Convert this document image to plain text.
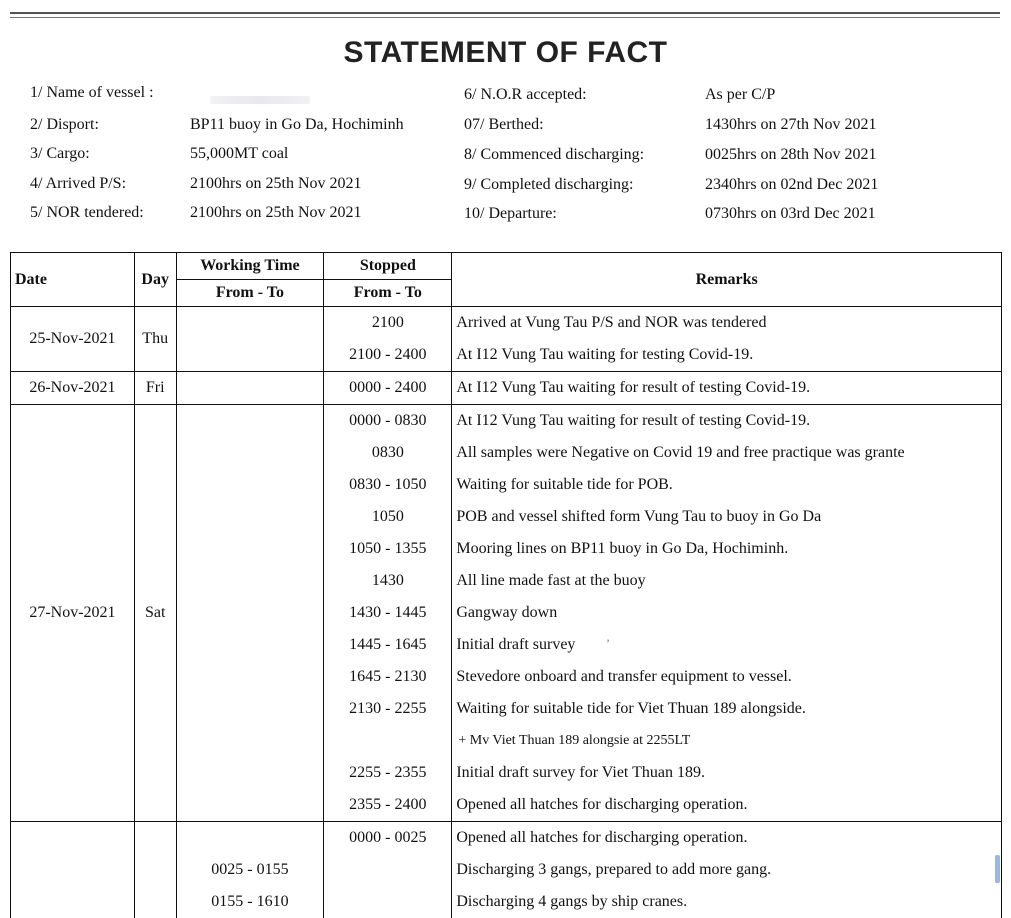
STATEMENT OF FACT
1/ Name of vessel :
2/ Disport:	BP11 buoy in Go Da, Hochiminh
3/ Cargo:	55,000MT coal
4/ Arrived P/S:	2100hrs on 25th Nov 2021
5/ NOR tendered:	2100hrs on 25th Nov 2021
6/ N.O.R accepted:	As per C/P
07/ Berthed:	1430hrs on 27th Nov 2021
8/ Commenced discharging:	0025hrs on 28th Nov 2021
9/ Completed discharging:	2340hrs on 02nd Dec 2021
10/ Departure:	0730hrs on 03rd Dec 2021
Date	Day	Working Time	Stopped	Remarks
		From - To	From - To	
25-Nov-2021	Thu		2100	Arrived at Vung Tau P/S and NOR was tendered
			2100 - 2400	At I12 Vung Tau waiting for testing Covid-19.
26-Nov-2021	Fri		0000 - 2400	At I12 Vung Tau waiting for result of testing Covid-19.
27-Nov-2021	Sat		0000 - 0830	At I12 Vung Tau waiting for result of testing Covid-19.
			0830	All samples were Negative on Covid 19 and free practique was grante
			0830 - 1050	Waiting for suitable tide for POB.
			1050	POB and vessel shifted form Vung Tau to buoy in Go Da
			1050 - 1355	Mooring lines on BP11 buoy in Go Da, Hochiminh.
			1430	All line made fast at the buoy
			1430 - 1445	Gangway down
			1445 - 1645	Initial draft survey
			1645 - 2130	Stevedore onboard and transfer equipment to vessel.
			2130 - 2255	Waiting for suitable tide for Viet Thuan 189 alongside.
				+ Mv Viet Thuan 189 alongsie at 2255LT
			2255 - 2355	Initial draft survey for Viet Thuan 189.
			2355 - 2400	Opened all hatches for discharging operation.
			0000 - 0025	Opened all hatches for discharging operation.
		0025 - 0155		Discharging 3 gangs, prepared to add more gang.
		0155 - 1610		Discharging 4 gangs by ship cranes.
’
